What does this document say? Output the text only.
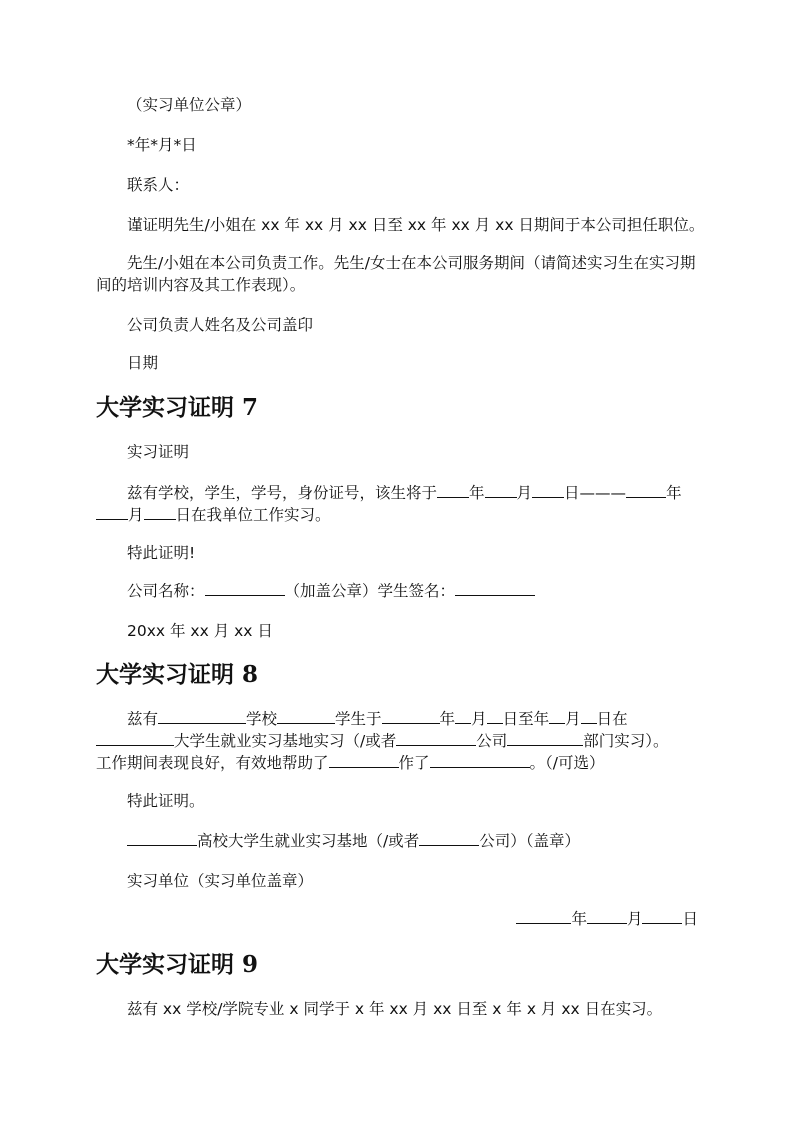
（实习单位公章）
*年*月*日
联系人：
谨证明先生/小姐在 xx 年 xx 月 xx 日至 xx 年 xx 月 xx 日期间于本公司担任职位。
先生/小姐在本公司负责工作。先生/女士在本公司服务期间（请简述实习生在实习期间的培训内容及其工作表现）。
公司负责人姓名及公司盖印
日期
大学实习证明 7
实习证明
兹有学校，学生，学号，身份证号，该生将于 年 月 日———	年
月 日在我单位工作实习。
特此证明!
公司名称：	（加盖公章）学生签名：
20xx 年 xx 月 xx 日
大学实习证明 8
兹有	学校	学生于	年 月 日至年 月 日在
大学生就业实习基地实习（/或者	公司	部门实习）。
工作期间表现良好，有效地帮助了	作了	。（/可选）
特此证明。
高校大学生就业实习基地（/或者	公司）（盖章）
实习单位（实习单位盖章）
年	月	日
大学实习证明 9
兹有 xx 学校/学院专业 x 同学于 x 年 xx 月 xx 日至 x 年 x 月 xx 日在实习。
